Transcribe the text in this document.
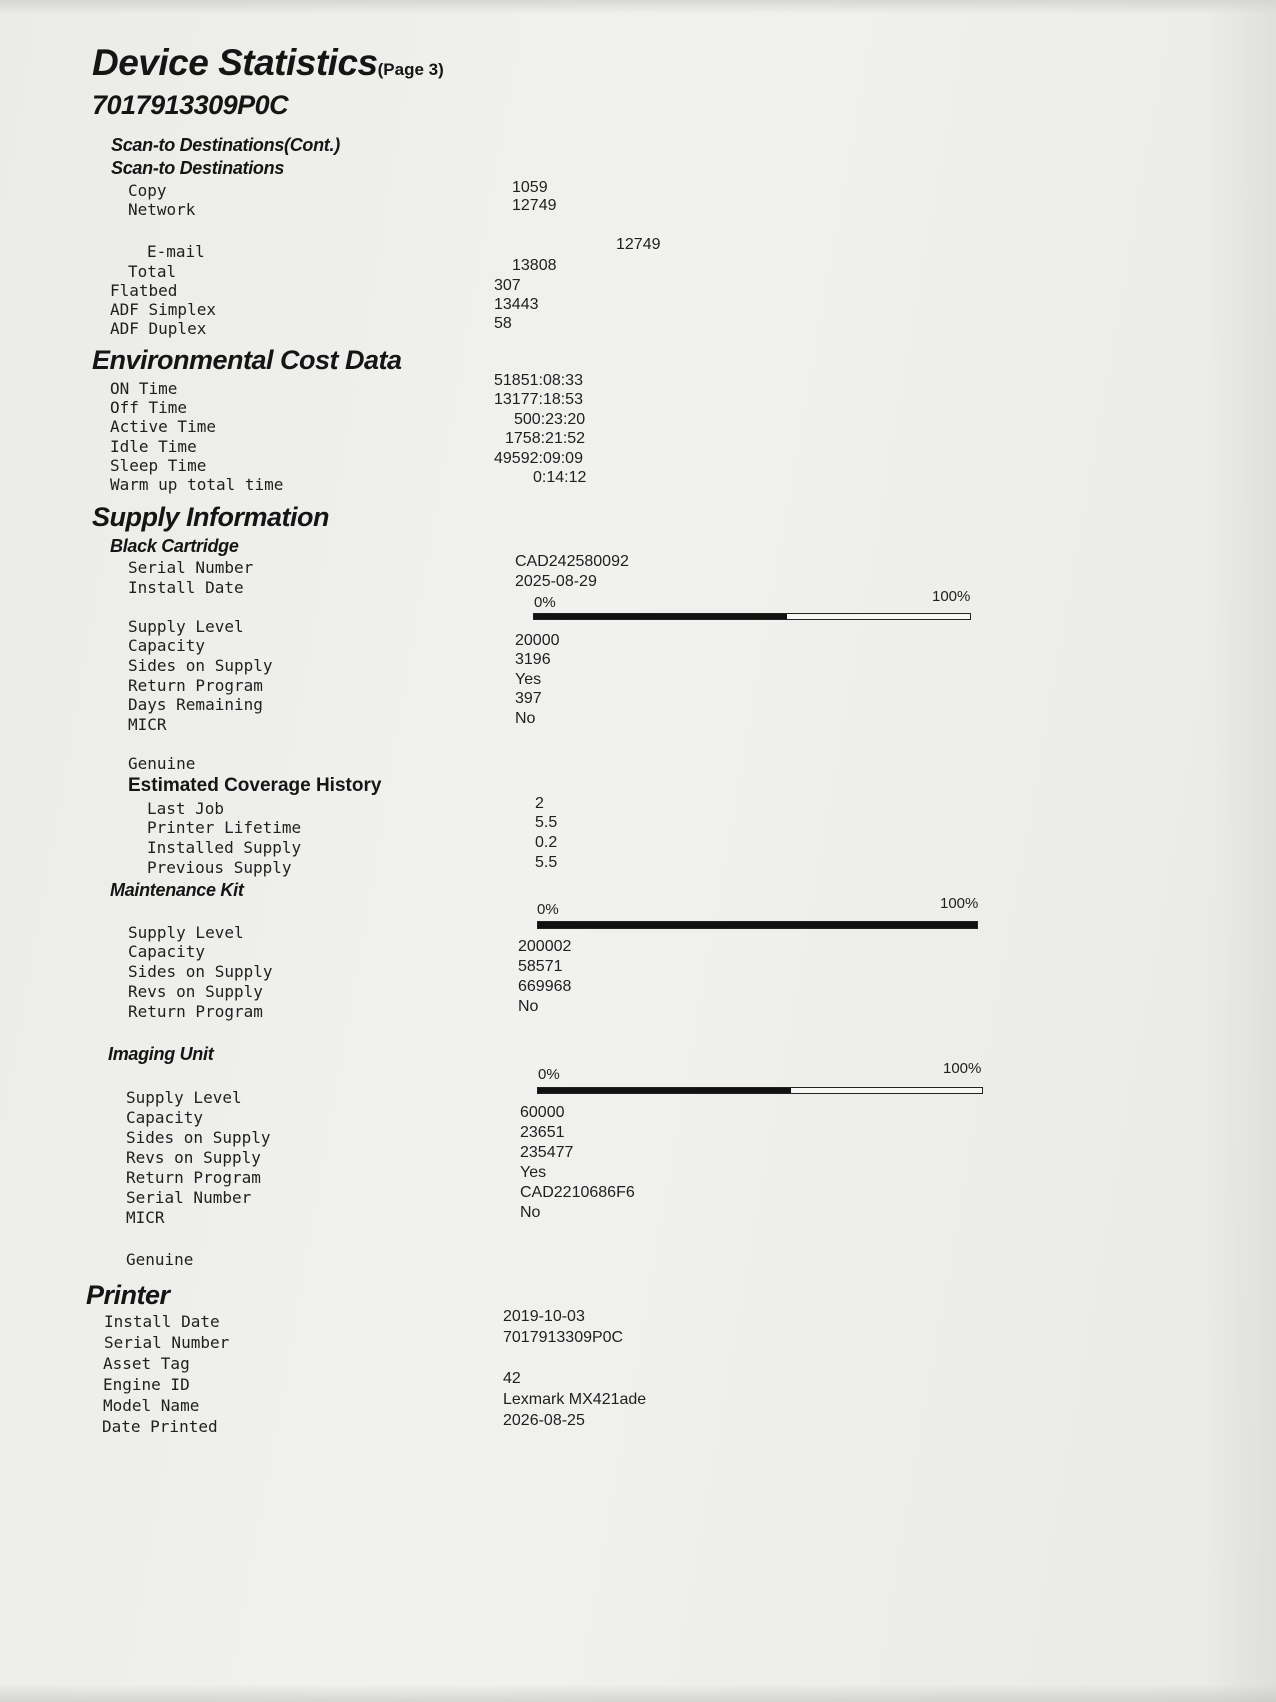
Device Statistics(Page 3)
7017913309P0C
Scan-to Destinations(Cont.)
Scan-to Destinations
Copy	1059
Network	12749
E-mail	12749
Total	13808
Flatbed	307
ADF Simplex	13443
ADF Duplex	58
Environmental Cost Data
ON Time	51851:08:33
Off Time	13177:18:53
Active Time	500:23:20
Idle Time	1758:21:52
Sleep Time	49592:09:09
Warm up total time	0:14:12
Supply Information
Black Cartridge
Serial Number	CAD242580092
Install Date	2025-08-29
0%	100%
Supply Level
Capacity	20000
Sides on Supply	3196
Return Program	Yes
Days Remaining	397
MICR	No
Genuine
Estimated Coverage History
Last Job	2
Printer Lifetime	5.5
Installed Supply	0.2
Previous Supply	5.5
Maintenance Kit
0%	100%
Supply Level
Capacity	200002
Sides on Supply	58571
Revs on Supply	669968
Return Program	No
Imaging Unit
0%	100%
Supply Level
Capacity	60000
Sides on Supply	23651
Revs on Supply	235477
Return Program	Yes
Serial Number	CAD2210686F6
MICR	No
Genuine
Printer
Install Date	2019-10-03
Serial Number	7017913309P0C
Asset Tag
Engine ID	42
Model Name	Lexmark MX421ade
Date Printed	2026-08-25
